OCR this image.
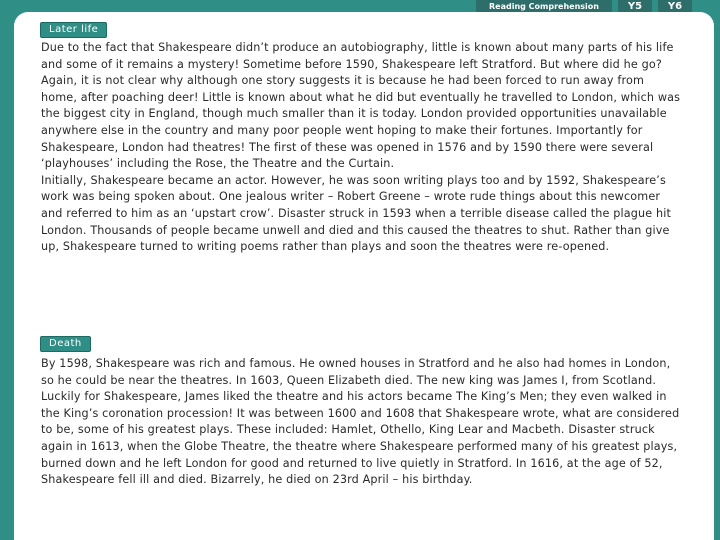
Reading Comprehension	Y5	Y6
Later life

Due to the fact that Shakespeare didn’t produce an autobiography, little is known about many parts of his life and some of it remains a mystery! Sometime before 1590, Shakespeare left Stratford. But where did he go? Again, it is not clear why although one story suggests it is because he had been forced to run away from home, after poaching deer! Little is known about what he did but eventually he travelled to London, which was the biggest city in England, though much smaller than it is today. London provided opportunities unavailable anywhere else in the country and many poor people went hoping to make their fortunes. Importantly for Shakespeare, London had theatres! The first of these was opened in 1576 and by 1590 there were several ‘playhouses’ including the Rose, the Theatre and the Curtain.

Initially, Shakespeare became an actor. However, he was soon writing plays too and by 1592, Shakespeare’s work was being spoken about. One jealous writer – Robert Greene – wrote rude things about this newcomer and referred to him as an ‘upstart crow’. Disaster struck in 1593 when a terrible disease called the plague hit London. Thousands of people became unwell and died and this caused the theatres to shut. Rather than give up, Shakespeare turned to writing poems rather than plays and soon the theatres were re-opened.

Death

By 1598, Shakespeare was rich and famous. He owned houses in Stratford and he also had homes in London, so he could be near the theatres. In 1603, Queen Elizabeth died. The new king was James I, from Scotland. Luckily for Shakespeare, James liked the theatre and his actors became The King’s Men; they even walked in the King’s coronation procession! It was between 1600 and 1608 that Shakespeare wrote, what are considered to be, some of his greatest plays. These included: Hamlet, Othello, King Lear and Macbeth. Disaster struck again in 1613, when the Globe Theatre, the theatre where Shakespeare performed many of his greatest plays, burned down and he left London for good and returned to live quietly in Stratford. In 1616, at the age of 52, Shakespeare fell ill and died. Bizarrely, he died on 23rd April – his birthday.
